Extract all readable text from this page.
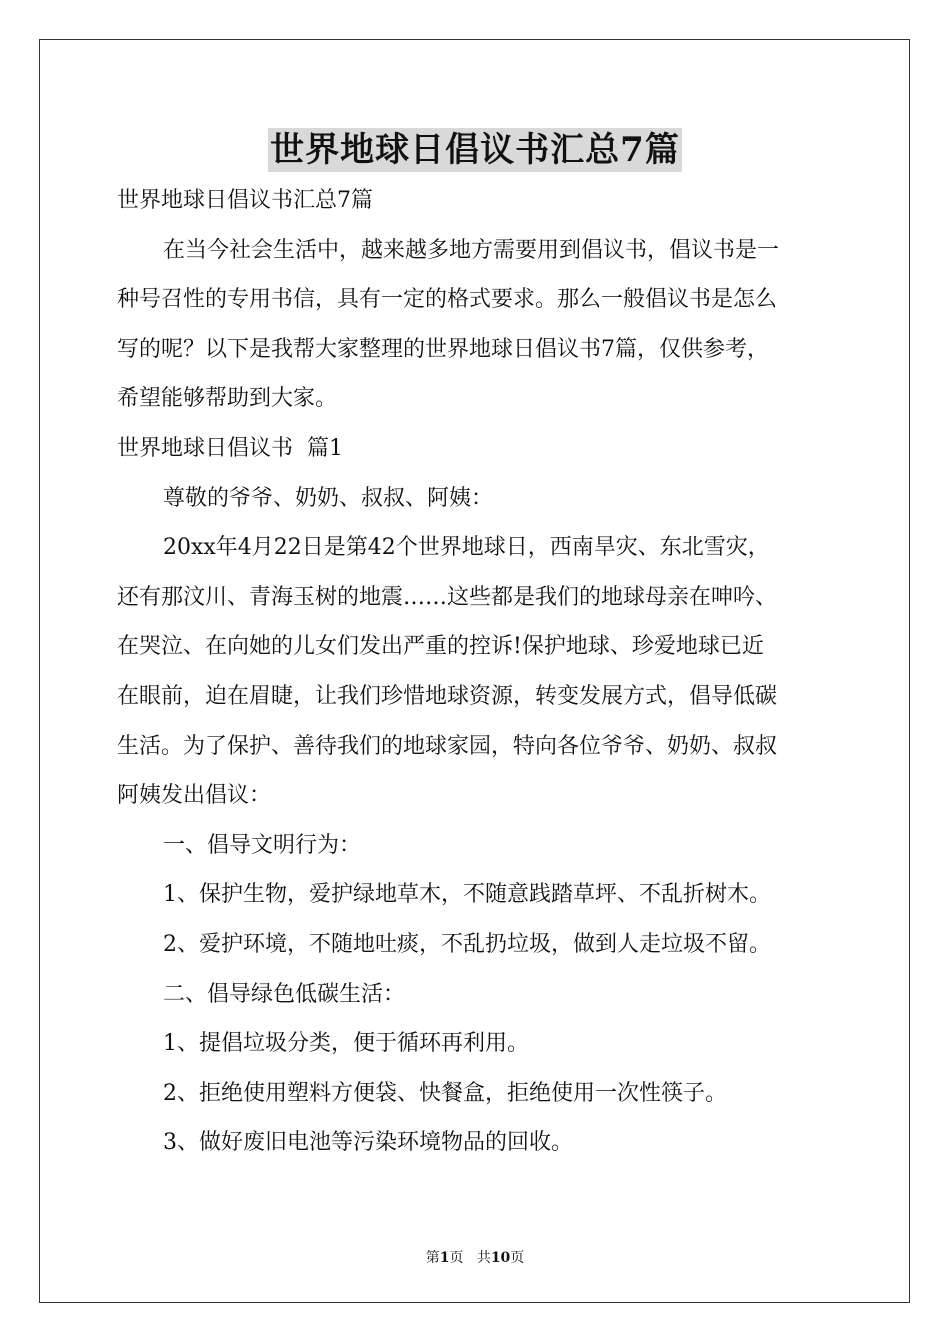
世界地球日倡议书汇总7篇

世界地球日倡议书汇总7篇

在当今社会生活中，越来越多地方需要用到倡议书，倡议书是一

种号召性的专用书信，具有一定的格式要求。那么一般倡议书是怎么

写的呢？以下是我帮大家整理的世界地球日倡议书7篇，仅供参考，

希望能够帮助到大家。

世界地球日倡议书  篇1

尊敬的爷爷、奶奶、叔叔、阿姨：

20xx年4月22日是第42个世界地球日，西南旱灾、东北雪灾，

还有那汶川、青海玉树的地震……这些都是我们的地球母亲在呻吟、

在哭泣、在向她的儿女们发出严重的控诉!保护地球、珍爱地球已近

在眼前，迫在眉睫，让我们珍惜地球资源，转变发展方式，倡导低碳

生活。为了保护、善待我们的地球家园，特向各位爷爷、奶奶、叔叔

阿姨发出倡议：

一、倡导文明行为：

1、保护生物，爱护绿地草木，不随意践踏草坪、不乱折树木。

2、爱护环境，不随地吐痰，不乱扔垃圾，做到人走垃圾不留。

二、倡导绿色低碳生活：

1、提倡垃圾分类，便于循环再利用。

2、拒绝使用塑料方便袋、快餐盒，拒绝使用一次性筷子。

3、做好废旧电池等污染环境物品的回收。

第1页 共10页
